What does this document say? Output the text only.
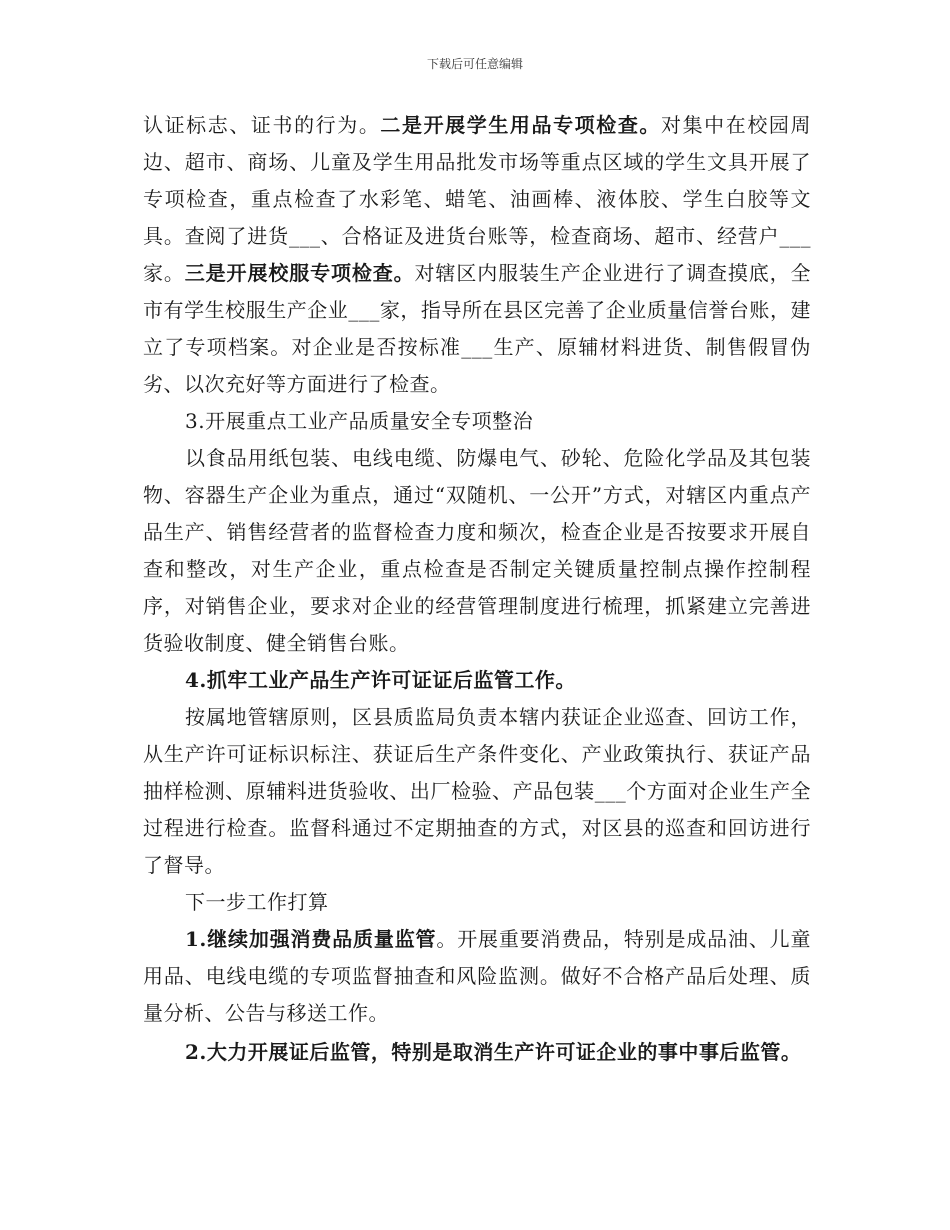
下载后可任意编辑

认证标志、证书的行为。二是开展学生用品专项检查。对集中在校园周边、超市、商场、儿童及学生用品批发市场等重点区域的学生文具开展了专项检查，重点检查了水彩笔、蜡笔、油画棒、液体胶、学生白胶等文具。查阅了进货___、合格证及进货台账等，检查商场、超市、经营户___家。三是开展校服专项检查。对辖区内服装生产企业进行了调查摸底，全市有学生校服生产企业___家，指导所在县区完善了企业质量信誉台账，建立了专项档案。对企业是否按标准___生产、原辅材料进货、制售假冒伪劣、以次充好等方面进行了检查。

3.开展重点工业产品质量安全专项整治

以食品用纸包装、电线电缆、防爆电气、砂轮、危险化学品及其包装物、容器生产企业为重点，通过“双随机、一公开”方式，对辖区内重点产品生产、销售经营者的监督检查力度和频次，检查企业是否按要求开展自查和整改，对生产企业，重点检查是否制定关键质量控制点操作控制程序，对销售企业，要求对企业的经营管理制度进行梳理，抓紧建立完善进货验收制度、健全销售台账。

4.抓牢工业产品生产许可证证后监管工作。

按属地管辖原则，区县质监局负责本辖内获证企业巡查、回访工作，从生产许可证标识标注、获证后生产条件变化、产业政策执行、获证产品抽样检测、原辅料进货验收、出厂检验、产品包装___个方面对企业生产全过程进行检查。监督科通过不定期抽查的方式，对区县的巡查和回访进行了督导。

下一步工作打算

1.继续加强消费品质量监管。开展重要消费品，特别是成品油、儿童用品、电线电缆的专项监督抽查和风险监测。做好不合格产品后处理、质量分析、公告与移送工作。

2.大力开展证后监管，特别是取消生产许可证企业的事中事后监管。
